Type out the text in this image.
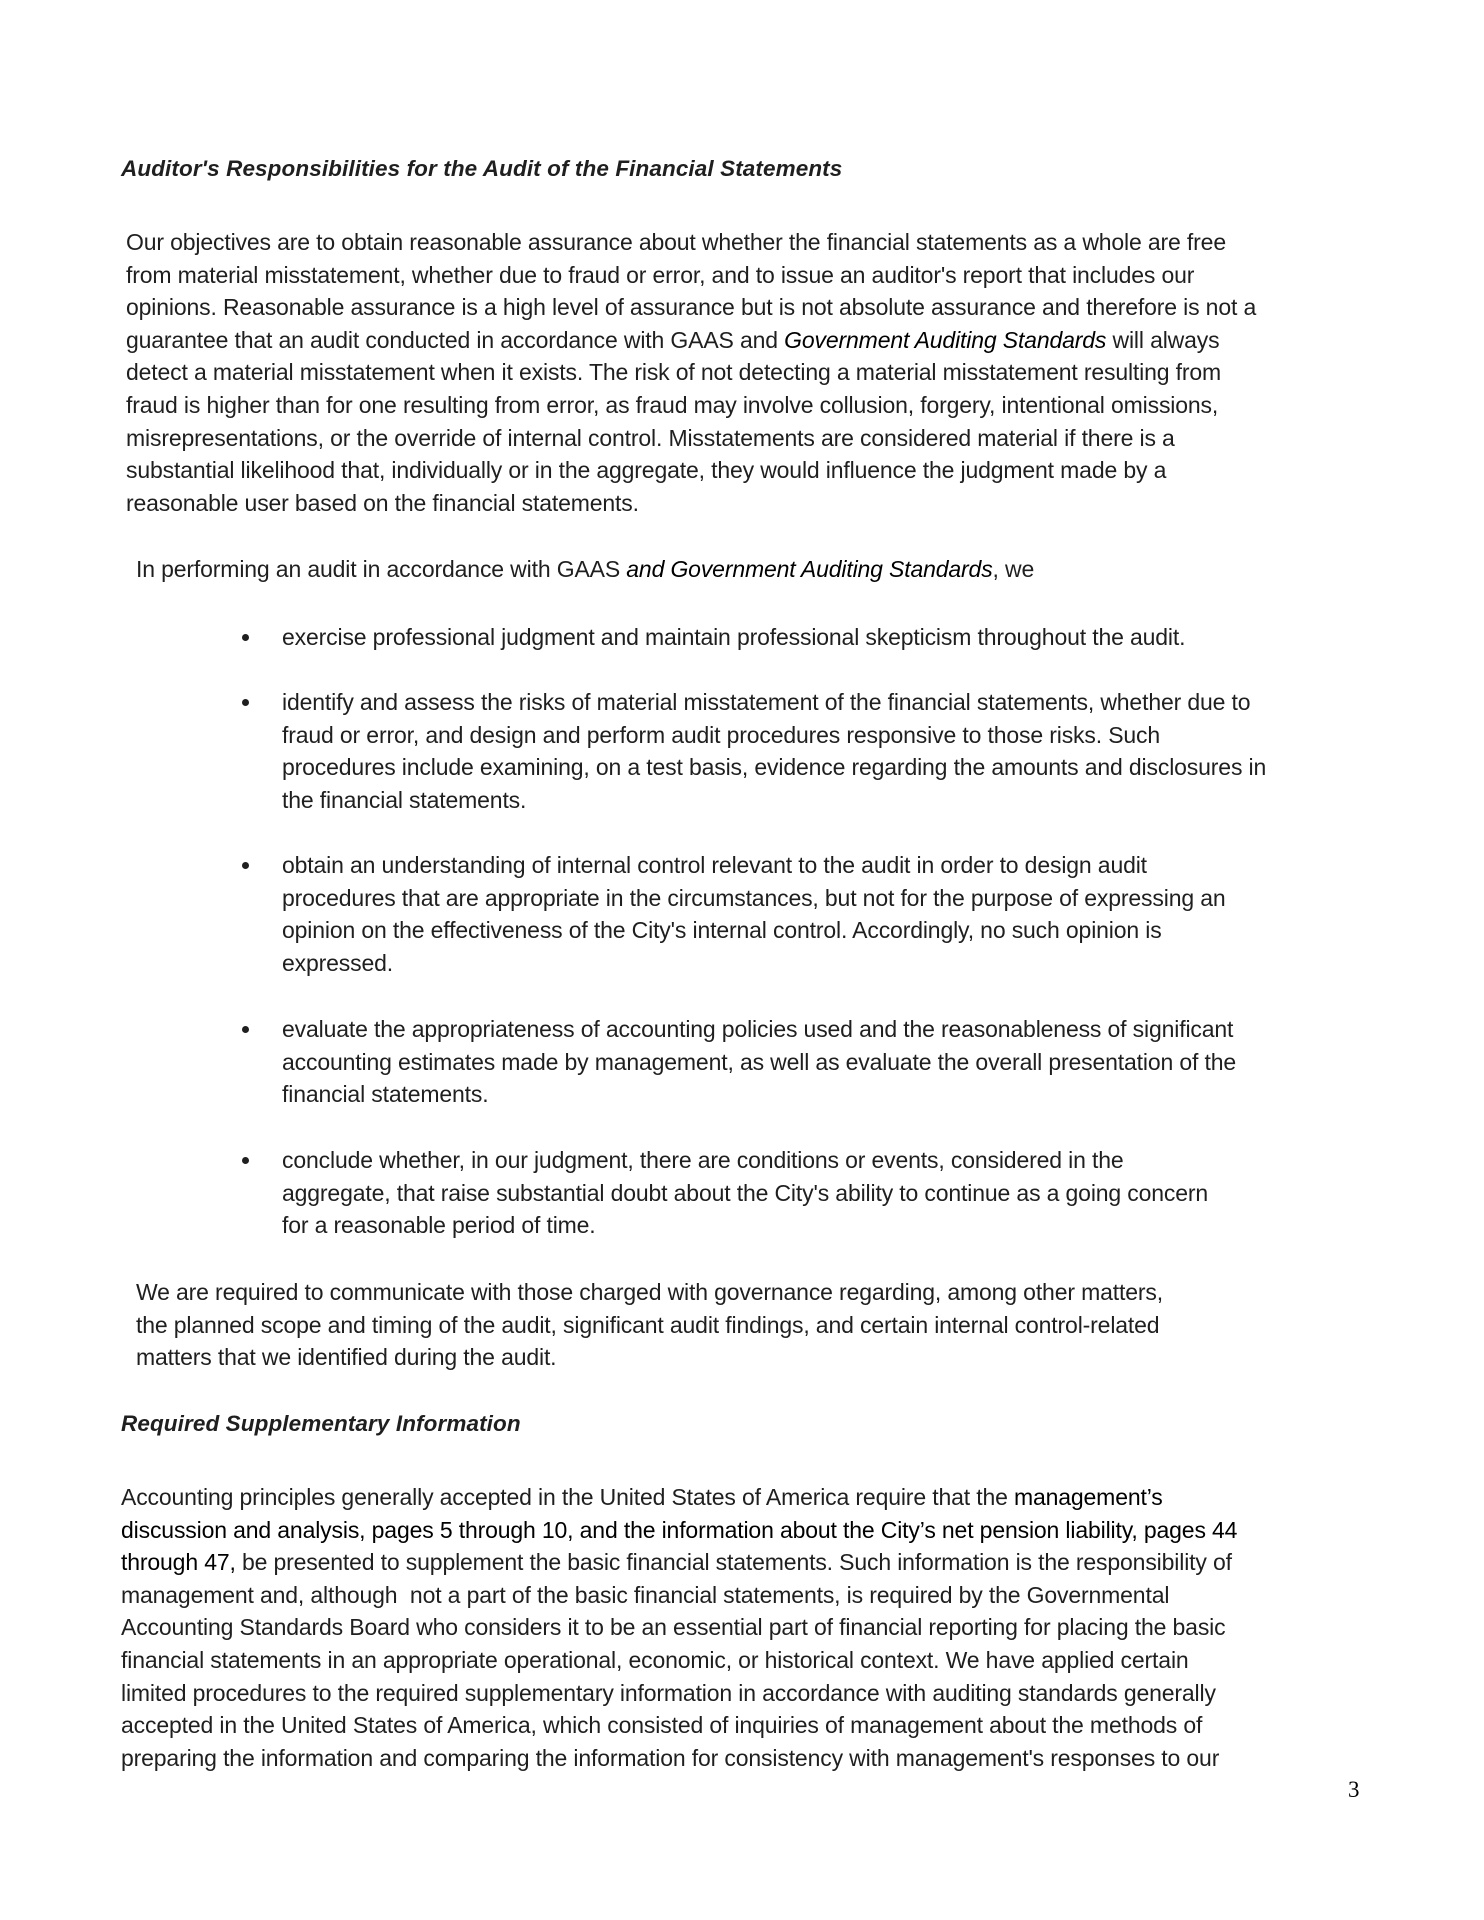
Auditor's Responsibilities for the Audit of the Financial Statements
Our objectives are to obtain reasonable assurance about whether the financial statements as a whole are free
from material misstatement, whether due to fraud or error, and to issue an auditor's report that includes our
opinions. Reasonable assurance is a high level of assurance but is not absolute assurance and therefore is not a
guarantee that an audit conducted in accordance with GAAS and Government Auditing Standards will always
detect a material misstatement when it exists. The risk of not detecting a material misstatement resulting from
fraud is higher than for one resulting from error, as fraud may involve collusion, forgery, intentional omissions,
misrepresentations, or the override of internal control. Misstatements are considered material if there is a
substantial likelihood that, individually or in the aggregate, they would influence the judgment made by a
reasonable user based on the financial statements.
In performing an audit in accordance with GAAS and Government Auditing Standards, we
exercise professional judgment and maintain professional skepticism throughout the audit.
identify and assess the risks of material misstatement of the financial statements, whether due to
fraud or error, and design and perform audit procedures responsive to those risks. Such
procedures include examining, on a test basis, evidence regarding the amounts and disclosures in
the financial statements.
obtain an understanding of internal control relevant to the audit in order to design audit
procedures that are appropriate in the circumstances, but not for the purpose of expressing an
opinion on the effectiveness of the City's internal control. Accordingly, no such opinion is
expressed.
evaluate the appropriateness of accounting policies used and the reasonableness of significant
accounting estimates made by management, as well as evaluate the overall presentation of the
financial statements.
conclude whether, in our judgment, there are conditions or events, considered in the
aggregate, that raise substantial doubt about the City's ability to continue as a going concern
for a reasonable period of time.
We are required to communicate with those charged with governance regarding, among other matters,
the planned scope and timing of the audit, significant audit findings, and certain internal control-related
matters that we identified during the audit.
Required Supplementary Information
Accounting principles generally accepted in the United States of America require that the management’s
discussion and analysis, pages 5 through 10, and the information about the City’s net pension liability, pages 44
through 47, be presented to supplement the basic financial statements. Such information is the responsibility of
management and, although  not a part of the basic financial statements, is required by the Governmental
Accounting Standards Board who considers it to be an essential part of financial reporting for placing the basic
financial statements in an appropriate operational, economic, or historical context. We have applied certain
limited procedures to the required supplementary information in accordance with auditing standards generally
accepted in the United States of America, which consisted of inquiries of management about the methods of
preparing the information and comparing the information for consistency with management's responses to our
3
